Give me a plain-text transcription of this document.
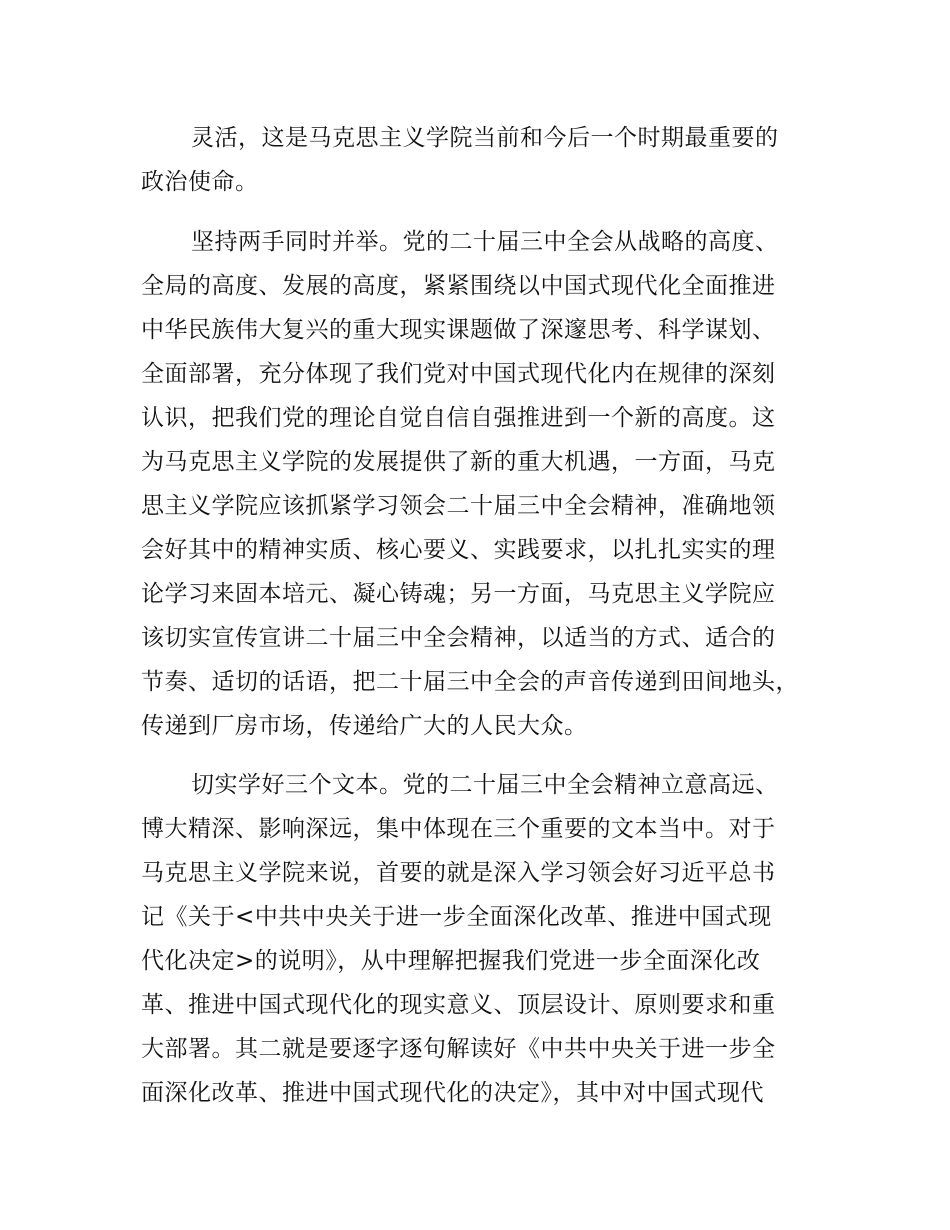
灵活，这是马克思主义学院当前和今后一个时期最重要的
政治使命。
坚持两手同时并举。党的二十届三中全会从战略的高度、
全局的高度、发展的高度，紧紧围绕以中国式现代化全面推进
中华民族伟大复兴的重大现实课题做了深邃思考、科学谋划、
全面部署，充分体现了我们党对中国式现代化内在规律的深刻
认识，把我们党的理论自觉自信自强推进到一个新的高度。这
为马克思主义学院的发展提供了新的重大机遇，一方面，马克
思主义学院应该抓紧学习领会二十届三中全会精神，准确地领
会好其中的精神实质、核心要义、实践要求，以扎扎实实的理
论学习来固本培元、凝心铸魂；另一方面，马克思主义学院应
该切实宣传宣讲二十届三中全会精神，以适当的方式、适合的
节奏、适切的话语，把二十届三中全会的声音传递到田间地头，
传递到厂房市场，传递给广大的人民大众。
切实学好三个文本。党的二十届三中全会精神立意高远、
博大精深、影响深远，集中体现在三个重要的文本当中。对于
马克思主义学院来说，首要的就是深入学习领会好习近平总书
记《关于<中共中央关于进一步全面深化改革、推进中国式现
代化决定>的说明》，从中理解把握我们党进一步全面深化改
革、推进中国式现代化的现实意义、顶层设计、原则要求和重
大部署。其二就是要逐字逐句解读好《中共中央关于进一步全
面深化改革、推进中国式现代化的决定》，其中对中国式现代
